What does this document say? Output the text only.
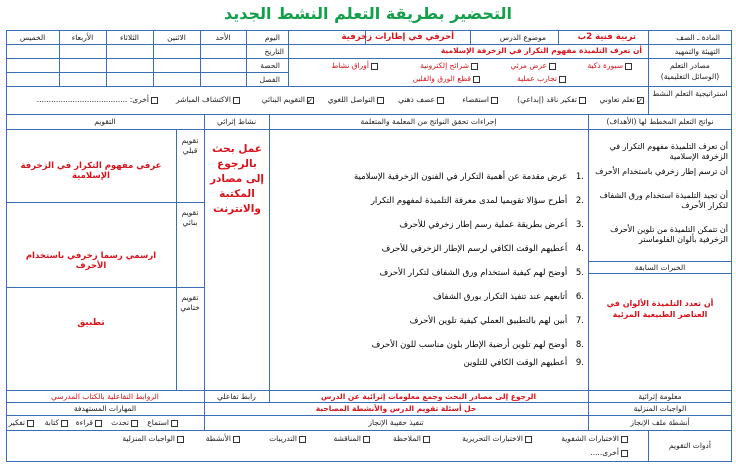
التحضير بطريقة التعلم النشط الجديد
المادة ـ الصف
تربية فنية 2ب
موضوع الدرس
أحرفي في إطارات زخرفية
اليوم
الأحد
الاثنين
الثلاثاء
الأربعاء
الخميس
التاريخ
الحصة
الفصل
التهيئة والتمهيد
أن تعرف التلميذة مفهوم التكرار في الزخرفة الإسلامية
مصادر التعلم
(الوسائل التعليمية)
سبورة ذكية
عرض مرئي
شرائح إلكترونية
أوراق نشاط
تجارب عملية
قطع الورق والقلين
استراتيجية التعلم النشط
✓تعلم تعاوني
تفكير ناقد (إبداعي)
استقصاء
عصف ذهني
التواصل اللغوي
✓التقويم البنائي
الاكتشاف المباشر
أخرى: ......................................
نواتج التعلم المخطط لها (الأهداف)
إجراءات تحقق النواتج من المعلمة والمتعلمة
نشاط إثرائي
التقويم
أن تعرف التلميذة مفهوم التكرار في الزخرفة الإسلامية
أن ترسم إطار زخرفي باستخدام الأحرف
أن تجيد التلميذة استخدام ورق الشفاف لتكرار الأحرف
أن تتمكن التلميذة من تلوين الأحرف الزخرفية بألوان الفلوماستر
الخبرات السابقة
أن تعدد التلميذة الألوان في العناصر الطبيعية المرئية
.1 عرض مقدمة عن أهمية التكرار في الفنون الزخرفية الإسلامية
.2 أطرح سؤالا تقويميا لمدى معرفة التلميذة لمفهوم التكرار
.3 أعرض بطريقة عملية رسم إطار زخرفي للأحرف
.4 أعطيهم الوقت الكافي لرسم الإطار الزخرفي للأحرف
.5 أوضح لهم كيفية استخدام ورق الشفاف لتكرار الأحرف
.6 أتابعهم عند تنفيذ التكرار بورق الشفاف
.7 أبين لهم بالتطبيق العملي كيفية تلوين الأحرف
.8 أوضح لهم تلوين أرضية الإطار بلون مناسب للون الأحرف
.9 أعطيهم الوقت الكافي للتلوين
عمل بحث بالرجوع إلى مصادر المكتبة والانترنت
تقويم قبلي
تقويم بنائي
تقويم ختامي
عرفي مفهوم التكرار في الزخرفة الإسلامية
ارسمي رسما زخرفي باستخدام الأحرف
تطبيق
معلومة إثرائية
الرجوع إلى مصادر البحث وجمع معلومات إثرائية عن الدرس
رابط تفاعلي
الروابط التفاعلية بالكتاب المدرسي
الواجبات المنزلية
حل أسئلة تقويم الدرس والأنشطة المصاحبة
المهارات المستهدفة
أنشطة ملف الإنجاز
تنفيذ حقيبة الإنجاز
استماع
تحدث
قراءة
كتابة
تفكير
أدوات التقويم
الاختبارات الشفوية
الاختبارات التحريرية
الملاحظة
المناقشة
التدريبات
الأنشطة
الواجبات المنزلية
أخرى.....
